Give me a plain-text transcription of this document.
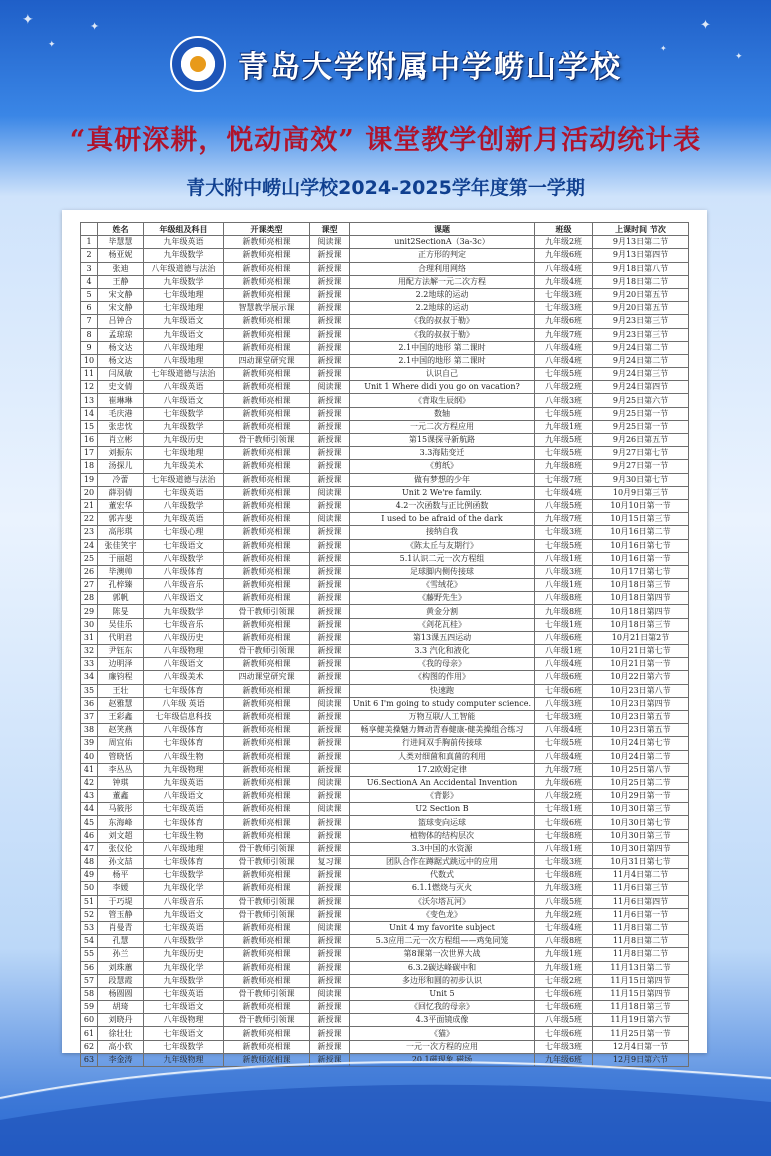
✦
✦
✦	✦
✦
✦
青岛大学附属中学崂山学校
“真研深耕，悦动高效” 课堂教学创新月活动统计表
青大附中崂山学校2024-2025学年度第一学期
	姓名	年级组及科目	开课类型	课型	课题	班级	上课时间 节次
1	毕慧慧	九年级英语	新教师亮相课	阅读课	unit2SectionA（3a-3c）	九年级2班	9月13日第二节
2	杨亚妮	九年级数学	新教师亮相课	新授课	正方形的判定	九年级6班	9月13日第四节
3	张迪	八年级道德与法治	新教师亮相课	新授课	合理利用网络	八年级4班	9月18日第八节
4	王静	九年级数学	新教师亮相课	新授课	用配方法解一元二次方程	九年级4班	9月18日第二节
5	宋文静	七年级地理	新教师亮相课	新授课	2.2地球的运动	七年级3班	9月20日第五节
6	宋文静	七年级地理	智慧教学展示课	新授课	2.2地球的运动	七年级3班	9月20日第五节
7	吕钟合	九年级语文	新教师亮相课	新授课	《我的叔叔于勒》	九年级6班	9月23日第三节
8	孟琼琼	九年级语文	新教师亮相课	新授课	《我的叔叔于勒》	九年级7班	9月23日第三节
9	杨文达	八年级地理	新教师亮相课	新授课	2.1中国的地形 第二课时	八年级4班	9月24日第二节
10	杨文达	八年级地理	四动课堂研究课	新授课	2.1中国的地形 第二课时	八年级4班	9月24日第二节
11	闫凤敏	七年级道德与法治	新教师亮相课	新授课	认识自己	七年级5班	9月24日第三节
12	史文倩	八年级英语	新教师亮相课	阅读课	Unit 1 Where didi you go on vacation?	八年级2班	9月24日第四节
13	崔琳琳	八年级语文	新教师亮相课	新授课	《背取生辰纲》	八年级3班	9月25日第六节
14	毛庆港	七年级数学	新教师亮相课	新授课	数轴	七年级5班	9月25日第一节
15	张忠忱	九年级数学	新教师亮相课	新授课	一元二次方程应用	九年级1班	9月25日第一节
16	肖立彬	九年级历史	骨干教师引领课	新授课	第15课探寻新航路	九年级5班	9月26日第五节
17	刘振东	七年级地理	新教师亮相课	新授课	3.3海陆变迁	七年级5班	9月27日第七节
18	汤探儿	九年级美术	新教师亮相课	新授课	《剪纸》	九年级8班	9月27日第一节
19	冷蕾	七年级道德与法治	新教师亮相课	新授课	做有梦想的少年	七年级7班	9月30日第七节
20	薛羽倩	七年级英语	新教师亮相课	阅读课	Unit 2 We're family.	七年级4班	10月9日第三节
21	董宏华	八年级数学	新教师亮相课	新授课	4.2一次函数与正比例函数	八年级5班	10月10日第一节
22	郭卉斐	九年级英语	新教师亮相课	阅读课	I used to be afraid of the dark	九年级7班	10月15日第三节
23	高彤琪	七年级心理	新教师亮相课	新授课	接纳自我	七年级3班	10月16日第二节
24	张佳笑宇	七年级语文	新教师亮相课	新授课	《陈太丘与友期行》	七年级5班	10月16日第七节
25	于丽超	八年级数学	新教师亮相课	新授课	5.1认识二元一次方程组	八年级1班	10月16日第一节
26	毕澳帅	八年级体育	新教师亮相课	新授课	足球脚内侧传接球	八年级3班	10月17日第七节
27	孔梓臻	八年级音乐	新教师亮相课	新授课	《雪绒花》	八年级1班	10月18日第三节
28	郭帆	八年级语文	新教师亮相课	新授课	《藤野先生》	八年级8班	10月18日第四节
29	陈旻	九年级数学	骨干教师引领课	新授课	黄金分割	九年级8班	10月18日第四节
30	吴佳乐	七年级音乐	新教师亮相课	新授课	《剑花瓦桂》	七年级1班	10月18日第三节
31	代明君	八年级历史	新教师亮相课	新授课	第13课五四运动	八年级6班	10月21日第2节
32	尹钰东	八年级物理	骨干教师引领课	新授课	3.3 汽化和液化	八年级1班	10月21日第七节
33	边明泽	八年级语文	新教师亮相课	新授课	《我的母亲》	八年级4班	10月21日第一节
34	廉钧程	八年级美术	四动课堂研究课	新授课	《构图的作用》	八年级6班	10月22日第六节
35	王壮	七年级体育	新教师亮相课	新授课	快速跑	七年级6班	10月23日第八节
36	赵雅慧	八年级 英语	新教师亮相课	阅读课	Unit 6 I'm going to study computer science.	八年级3班	10月23日第四节
37	王彩鑫	七年级信息科技	新教师亮相课	新授课	万物互联/人工智能	七年级3班	10月23日第五节
38	赵笑燕	八年级体育	新教师亮相课	新授课	畅享健美操魅力舞动青春健康-健美操组合练习	八年级4班	10月23日第五节
39	周宜佑	七年级体育	新教师亮相课	新授课	行进间双手胸前传接球	七年级5班	10月24日第七节
40	管晓恬	八年级生物	新教师亮相课	新授课	人类对细菌和真菌的利用	八年级4班	10月24日第二节
41	李丛丛	九年级物理	新教师亮相课	新授课	17.2欧姆定律	九年级7班	10月25日第八节
42	钟琪	九年级英语	新教师亮相课	阅读课	U6.SectionA An Accidental Invention	九年级6班	10月25日第二节
43	董鑫	八年级语文	新教师亮相课	新授课	《背影》	八年级2班	10月29日第一节
44	马筱彤	七年级英语	新教师亮相课	阅读课	U2 Section B	七年级1班	10月30日第三节
45	东海峰	七年级体育	新教师亮相课	新授课	篮球变向运球	七年级6班	10月30日第七节
46	刘文超	七年级生物	新教师亮相课	新授课	植物体的结构层次	七年级8班	10月30日第三节
47	张仪伦	八年级地理	骨干教师引领课	新授课	3.3中国的水资源	八年级1班	10月30日第四节
48	孙文喆	七年级体育	骨干教师引领课	复习课	团队合作在蹲踞式跳远中的应用	七年级3班	10月31日第七节
49	杨平	七年级数学	新教师亮相课	新授课	代数式	七年级8班	11月4日第二节
50	李媛	九年级化学	新教师亮相课	新授课	6.1.1燃烧与灭火	九年级3班	11月6日第三节
51	于巧堤	八年级音乐	骨干教师引领课	新授课	《沃尔塔瓦河》	八年级5班	11月6日第四节
52	管玉静	九年级语文	骨干教师引领课	新授课	《变色龙》	九年级2班	11月6日第一节
53	肖曼青	七年级英语	新教师亮相课	阅读课	Unit 4 my favorite subject	七年级4班	11月8日第二节
54	孔慧	八年级数学	新教师亮相课	新授课	5.3应用二元一次方程组——鸡兔同笼	八年级8班	11月8日第二节
55	孙兰	九年级历史	新教师亮相课	新授课	第8课第一次世界大战	九年级1班	11月8日第二节
56	刘珠蕙	九年级化学	新教师亮相课	新授课	6.3.2碳达峰碳中和	九年级1班	11月13日第二节
57	段慧霞	九年级数学	新教师亮相课	新授课	多边形和圆的初步认识	七年级2班	11月15日第四节
58	杨圆圆	七年级英语	骨干教师引领课	阅读课	Unit 5	七年级6班	11月15日第四节
59	胡琦	七年级语文	新教师亮相课	新授课	《回忆我的母亲》	七年级6班	11月18日第三节
60	刘晓丹	八年级物理	骨干教师引领课	新授课	4.3平面镜成像	八年级5班	11月19日第六节
61	徐壮壮	七年级语文	新教师亮相课	新授课	《猫》	七年级6班	11月25日第一节
62	高小软	七年级数学	新教师亮相课	新授课	一元一次方程的应用	七年级3班	12月4日第一节
63	李金涛	九年级物理	新教师亮相课	新授课	20.1磁现象 磁场	九年级6班	12月9日第六节
